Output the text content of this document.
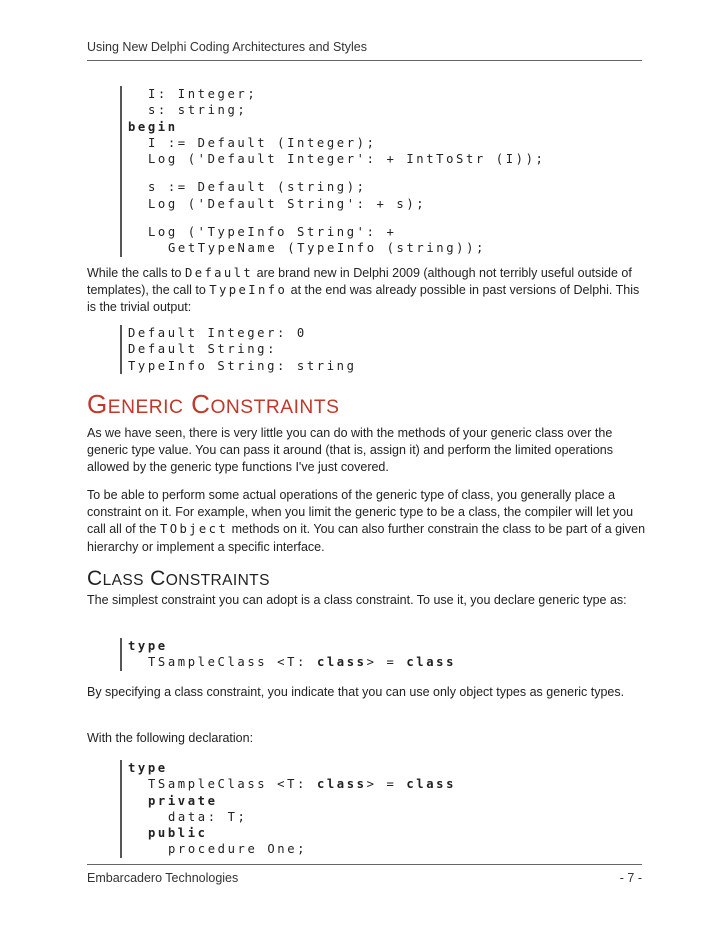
Using New Delphi Coding Architectures and Styles
I: Integer;
s: string;
begin
I := Default (Integer);
Log ('Default Integer': + IntToStr (I));
s := Default (string);
Log ('Default String': + s);
Log ('TypeInfo String': +
GetTypeName (TypeInfo (string));
While the calls to Default are brand new in Delphi 2009 (although not terribly useful outside of templates), the call to TypeInfo at the end was already possible in past versions of Delphi. This is the trivial output:
Default Integer: 0
Default String:
TypeInfo String: string
GENERIC CONSTRAINTS
As we have seen, there is very little you can do with the methods of your generic class over the generic type value. You can pass it around (that is, assign it) and perform the limited operations allowed by the generic type functions I've just covered.
To be able to perform some actual operations of the generic type of class, you generally place a constraint on it. For example, when you limit the generic type to be a class, the compiler will let you call all of the TObject methods on it. You can also further constrain the class to be part of a given hierarchy or implement a specific interface.
CLASS CONSTRAINTS
The simplest constraint you can adopt is a class constraint. To use it, you declare generic type as:
type
TSampleClass <T: class> = class
By specifying a class constraint, you indicate that you can use only object types as generic types.
With the following declaration:
type
TSampleClass <T: class> = class
private
data: T;
public
procedure One;
Embarcadero Technologies	- 7 -
